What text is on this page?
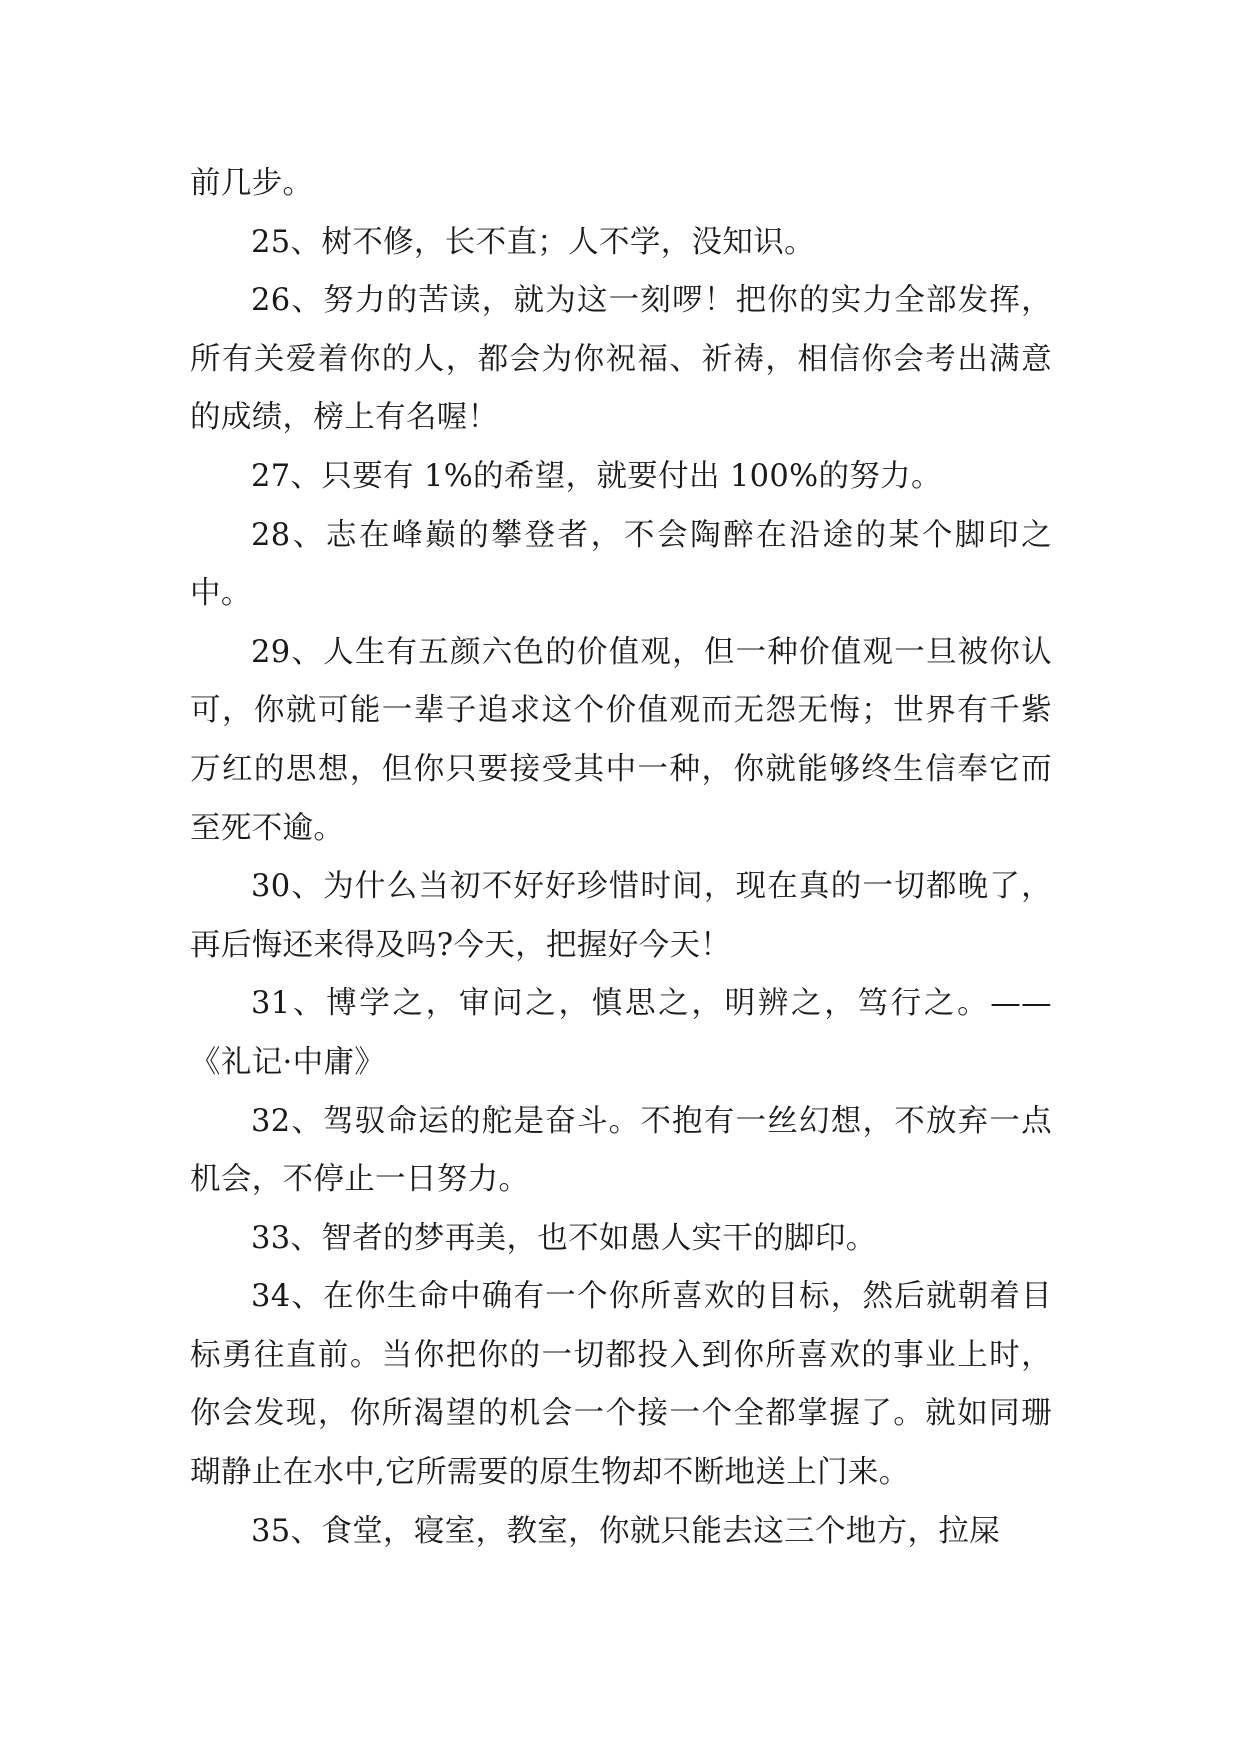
前几步。

25、树不修，长不直；人不学，没知识。

26、努力的苦读，就为这一刻啰！把你的实力全部发挥，所有关爱着你的人，都会为你祝福、祈祷，相信你会考出满意的成绩，榜上有名喔！

27、只要有 1%的希望，就要付出 100%的努力。

28、志在峰巅的攀登者，不会陶醉在沿途的某个脚印之中。

29、人生有五颜六色的价值观，但一种价值观一旦被你认可，你就可能一辈子追求这个价值观而无怨无悔；世界有千紫万红的思想，但你只要接受其中一种，你就能够终生信奉它而至死不逾。

30、为什么当初不好好珍惜时间，现在真的一切都晚了，再后悔还来得及吗?今天，把握好今天！

31、博学之，审问之，慎思之，明辨之，笃行之。——《礼记·中庸》

32、驾驭命运的舵是奋斗。不抱有一丝幻想，不放弃一点机会，不停止一日努力。

33、智者的梦再美，也不如愚人实干的脚印。

34、在你生命中确有一个你所喜欢的目标，然后就朝着目标勇往直前。当你把你的一切都投入到你所喜欢的事业上时，你会发现，你所渴望的机会一个接一个全都掌握了。就如同珊瑚静止在水中,它所需要的原生物却不断地送上门来。

35、食堂，寝室，教室，你就只能去这三个地方，拉屎
